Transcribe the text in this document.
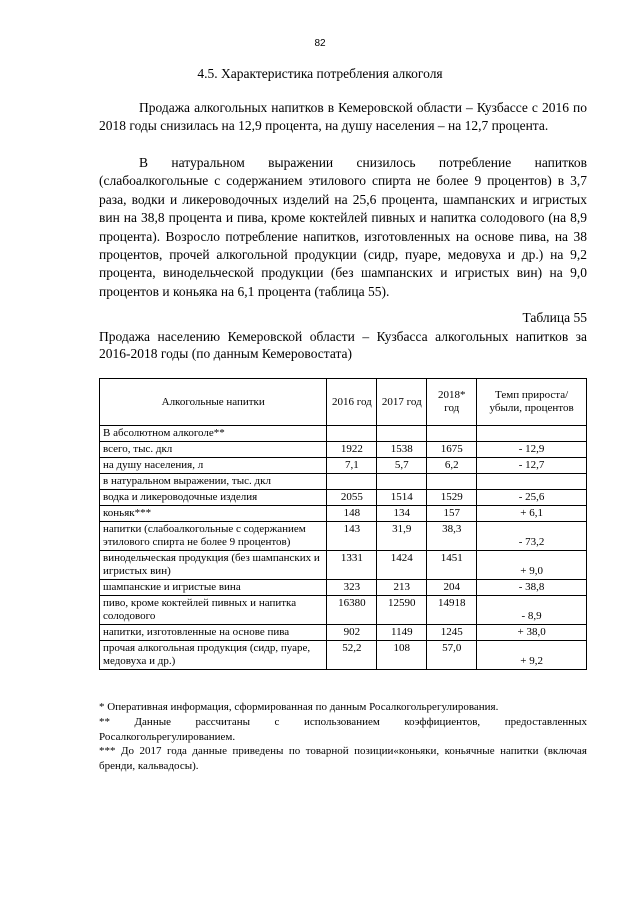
82
4.5. Характеристика потребления алкоголя

Продажа алкогольных напитков в Кемеровской области – Кузбассе с 2016 по 2018 годы снизилась на 12,9 процента, на душу населения – на 12,7 процента.

В натуральном выражении снизилось потребление напитков (слабоалкогольные с содержанием этилового спирта не более 9 процентов) в 3,7 раза, водки и ликероводочных изделий на 25,6 процента, шампанских и игристых вин на 38,8 процента и пива, кроме коктейлей пивных и напитка солодового (на 8,9 процента). Возросло потребление напитков, изготовленных на основе пива, на 38 процентов, прочей алкогольной продукции (сидр, пуаре, медовуха и др.) на 9,2 процента, винодельческой продукции (без шампанских и игристых вин) на 9,0 процентов и коньяка на 6,1 процента (таблица 55).

Таблица 55
Продажа населению Кемеровской области – Кузбасса алкогольных напитков за 2016-2018 годы (по данным Кемеровостата)
Алкогольные напитки	2016 год	2017 год	2018* год	Темп прироста/ убыли, процентов
В абсолютном алкоголе**				
всего, тыс. дкл	1922	1538	1675	- 12,9
на душу населения, л	7,1	5,7	6,2	- 12,7
в натуральном выражении, тыс. дкл				
водка и ликероводочные изделия	2055	1514	1529	- 25,6
коньяк***	148	134	157	+ 6,1
напитки (слабоалкогольные с содержанием этилового спирта не более 9 процентов)	143	31,9	38,3	- 73,2
винодельческая продукция (без шампанских и игристых вин)	1331	1424	1451	+ 9,0
шампанские и игристые вина	323	213	204	- 38,8
пиво, кроме коктейлей пивных и напитка солодового	16380	12590	14918	- 8,9
напитки, изготовленные на основе пива	902	1149	1245	+ 38,0
прочая алкогольная продукция (сидр, пуаре, медовуха и др.)	52,2	108	57,0	+ 9,2

* Оперативная информация, сформированная по данным Росалкогольрегулирования.

** Данные рассчитаны с использованием коэффициентов, предоставленных Росалкогольрегулированием.

*** До 2017 года данные приведены по товарной позиции«коньяки, коньячные напитки (включая бренди, кальвадосы).
